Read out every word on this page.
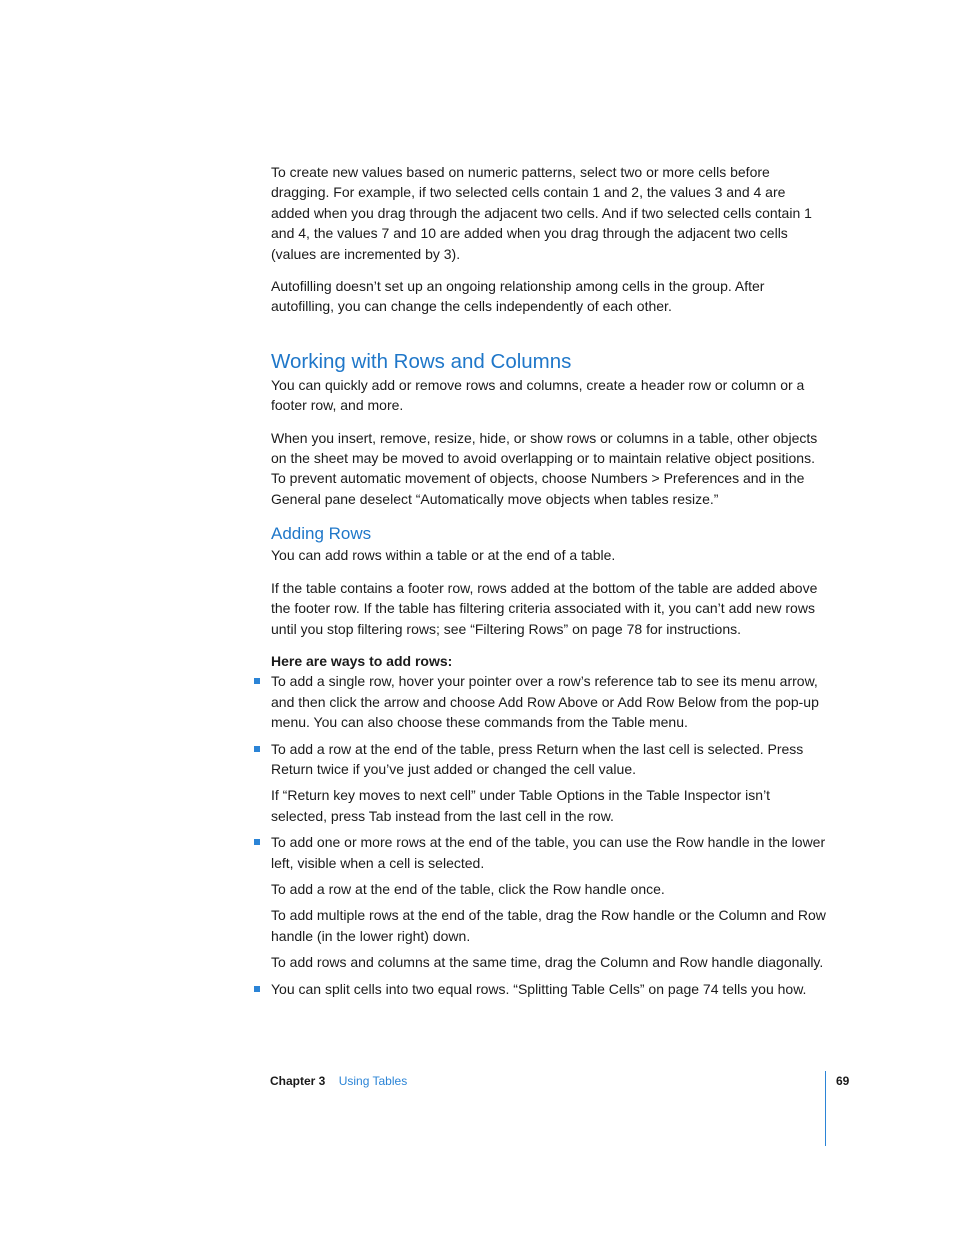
To create new values based on numeric patterns, select two or more cells before dragging. For example, if two selected cells contain 1 and 2, the values 3 and 4 are added when you drag through the adjacent two cells. And if two selected cells contain 1 and 4, the values 7 and 10 are added when you drag through the adjacent two cells (values are incremented by 3).

Autofilling doesn’t set up an ongoing relationship among cells in the group. After autofilling, you can change the cells independently of each other.

Working with Rows and Columns

You can quickly add or remove rows and columns, create a header row or column or a footer row, and more.

When you insert, remove, resize, hide, or show rows or columns in a table, other objects on the sheet may be moved to avoid overlapping or to maintain relative object positions. To prevent automatic movement of objects, choose Numbers > Preferences and in the General pane deselect “Automatically move objects when tables resize.”

Adding Rows

You can add rows within a table or at the end of a table.

If the table contains a footer row, rows added at the bottom of the table are added above the footer row. If the table has filtering criteria associated with it, you can’t add new rows until you stop filtering rows; see “Filtering Rows” on page 78 for instructions.

Here are ways to add rows:

To add a single row, hover your pointer over a row’s reference tab to see its menu arrow, and then click the arrow and choose Add Row Above or Add Row Below from the pop-up menu. You can also choose these commands from the Table menu.

To add a row at the end of the table, press Return when the last cell is selected. Press Return twice if you’ve just added or changed the cell value.

If “Return key moves to next cell” under Table Options in the Table Inspector isn’t selected, press Tab instead from the last cell in the row.

To add one or more rows at the end of the table, you can use the Row handle in the lower left, visible when a cell is selected.

To add a row at the end of the table, click the Row handle once.

To add multiple rows at the end of the table, drag the Row handle or the Column and Row handle (in the lower right) down.

To add rows and columns at the same time, drag the Column and Row handle diagonally.

You can split cells into two equal rows. “Splitting Table Cells” on page 74 tells you how.

Chapter 3 Using Tables	69
